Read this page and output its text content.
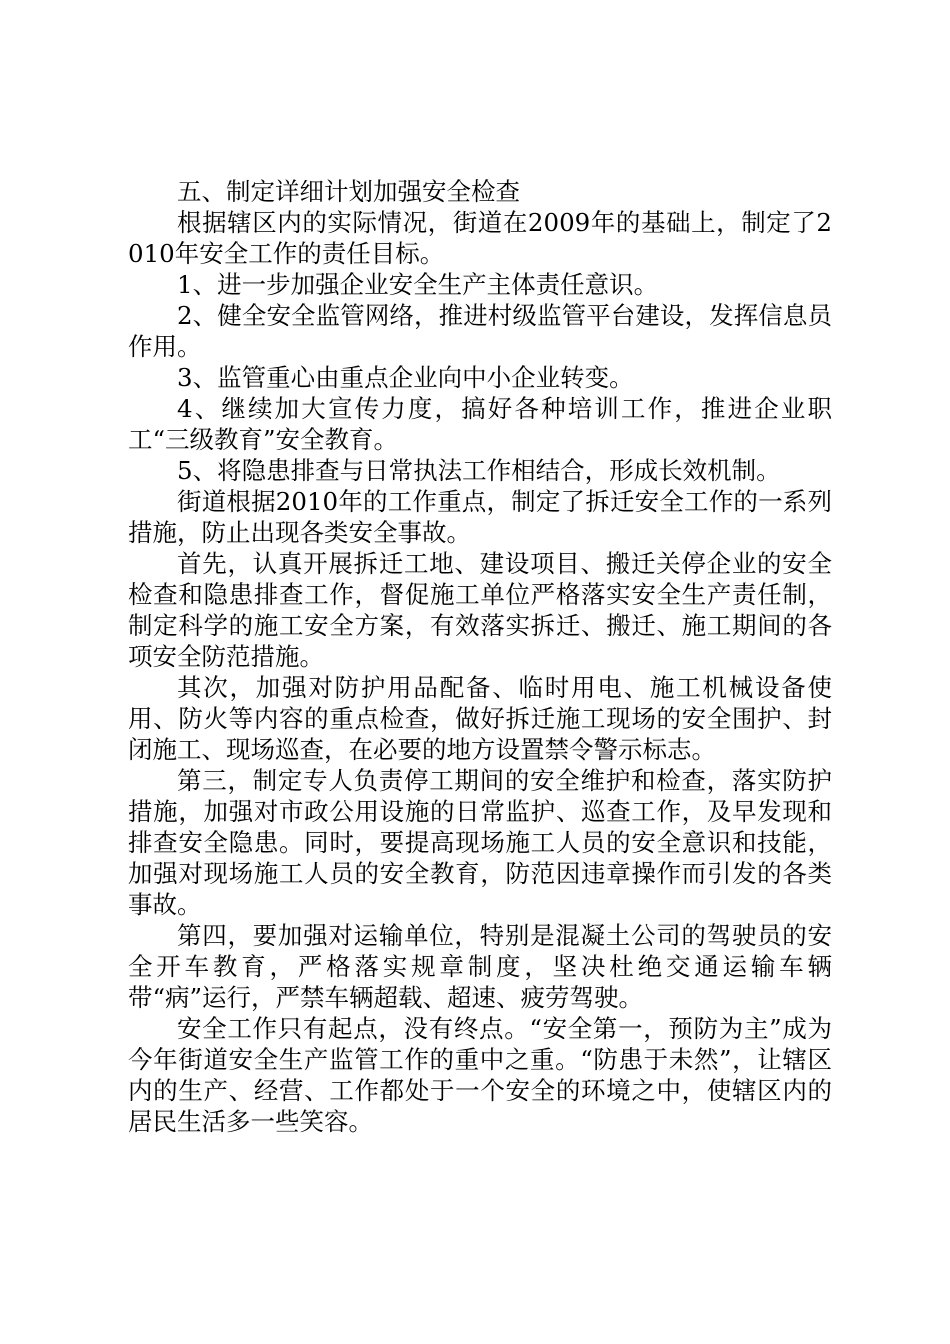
五、制定详细计划加强安全检查

根据辖区内的实际情况，街道在2009年的基础上，制定了2010年安全工作的责任目标。

1、进一步加强企业安全生产主体责任意识。

2、健全安全监管网络，推进村级监管平台建设，发挥信息员作用。

3、监管重心由重点企业向中小企业转变。

4、继续加大宣传力度，搞好各种培训工作，推进企业职工“三级教育”安全教育。

5、将隐患排查与日常执法工作相结合，形成长效机制。

街道根据2010年的工作重点，制定了拆迁安全工作的一系列措施，防止出现各类安全事故。

首先，认真开展拆迁工地、建设项目、搬迁关停企业的安全检查和隐患排查工作，督促施工单位严格落实安全生产责任制，制定科学的施工安全方案，有效落实拆迁、搬迁、施工期间的各项安全防范措施。

其次，加强对防护用品配备、临时用电、施工机械设备使用、防火等内容的重点检查，做好拆迁施工现场的安全围护、封闭施工、现场巡查，在必要的地方设置禁令警示标志。

第三，制定专人负责停工期间的安全维护和检查，落实防护措施，加强对市政公用设施的日常监护、巡查工作，及早发现和排查安全隐患。同时，要提高现场施工人员的安全意识和技能，加强对现场施工人员的安全教育，防范因违章操作而引发的各类事故。

第四，要加强对运输单位，特别是混凝土公司的驾驶员的安全开车教育，严格落实规章制度，坚决杜绝交通运输车辆带“病”运行，严禁车辆超载、超速、疲劳驾驶。

安全工作只有起点，没有终点。“安全第一，预防为主”成为今年街道安全生产监管工作的重中之重。“防患于未然”，让辖区内的生产、经营、工作都处于一个安全的环境之中，使辖区内的居民生活多一些笑容。
